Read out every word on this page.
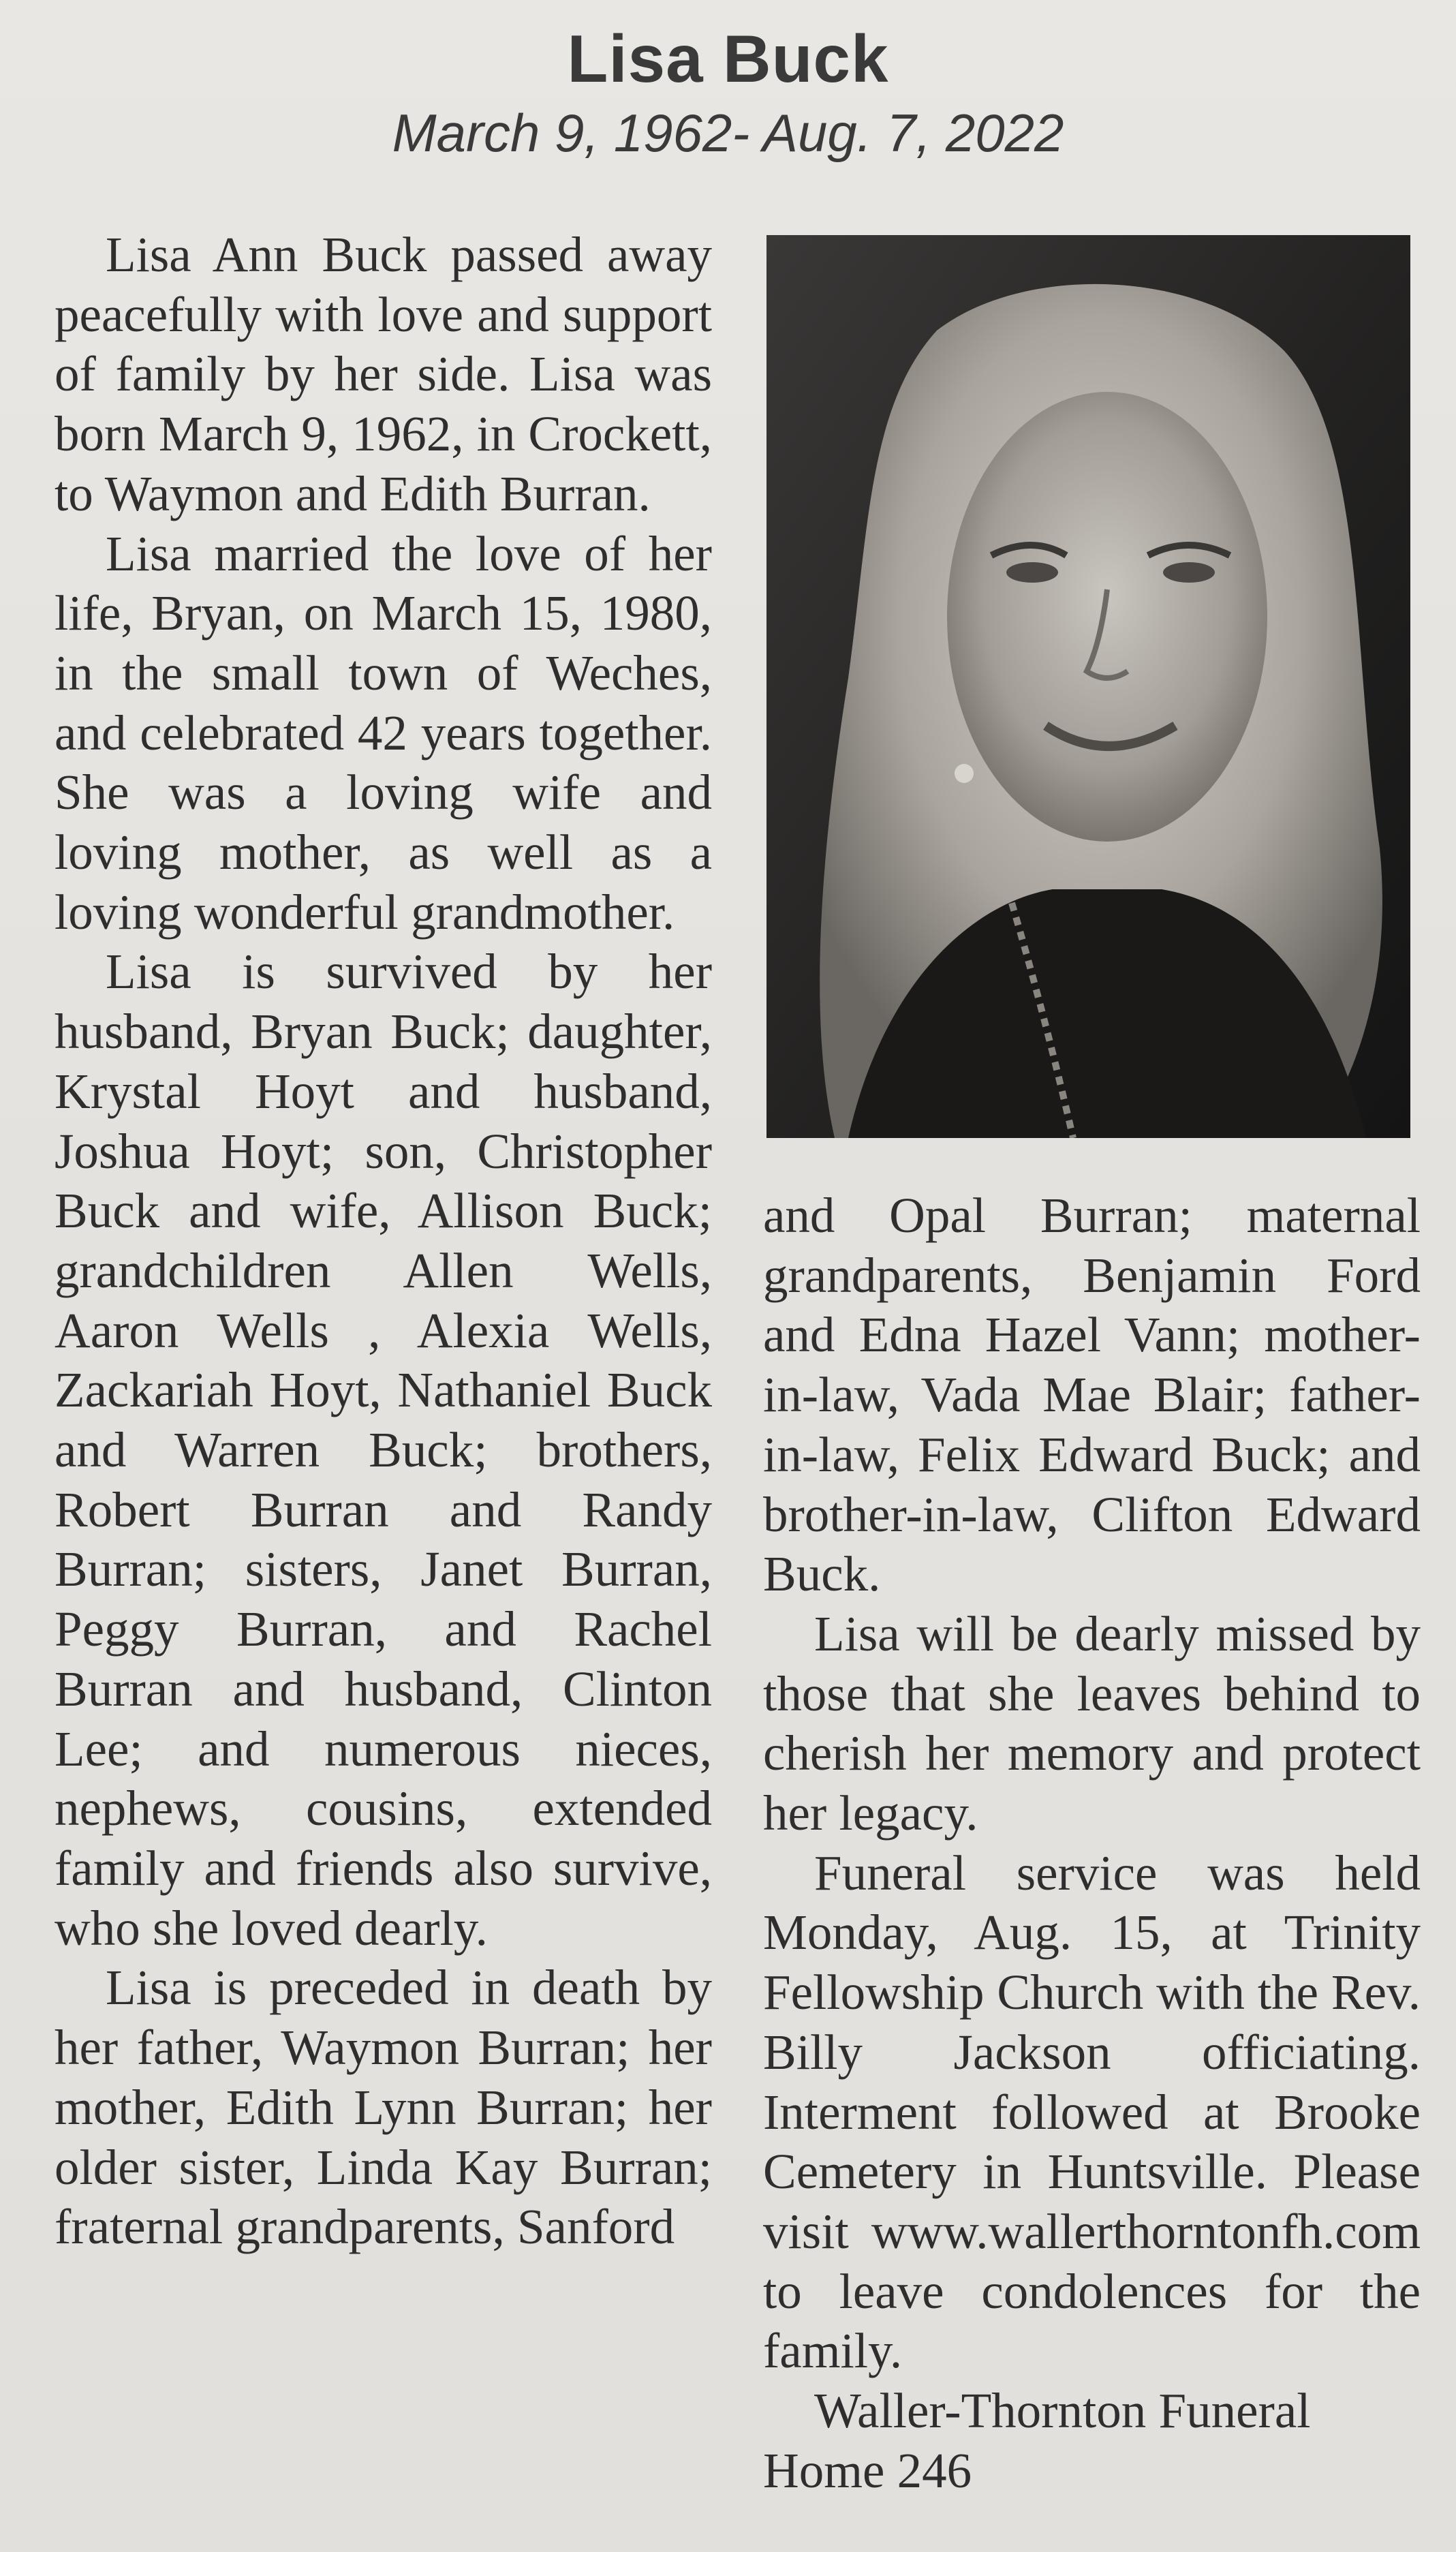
Lisa Buck
March 9, 1962- Aug. 7, 2022

Lisa Ann Buck passed away peacefully with love and support of family by her side. Lisa was born March 9, 1962, in Crockett, to Waymon and Edith Burran.

Lisa married the love of her life, Bryan, on March 15, 1980, in the small town of Weches, and celebrated 42 years together. She was a loving wife and loving mother, as well as a loving wonderful grandmother.

Lisa is survived by her husband, Bryan Buck; daughter, Krystal Hoyt and husband, Joshua Hoyt; son, Christopher Buck and wife, Allison Buck; grandchildren Allen Wells, Aaron Wells , Alexia Wells, Zackariah Hoyt, Nathaniel Buck and Warren Buck; brothers, Robert Burran and Randy Burran; sisters, Janet Burran, Peggy Burran, and Rachel Burran and husband, Clinton Lee; and numerous nieces, nephews, cousins, extended family and friends also survive, who she loved dearly.

Lisa is preceded in death by her father, Waymon Burran; her mother, Edith Lynn Burran; her older sister, Linda Kay Burran; fraternal grandparents, Sanford

and Opal Burran; maternal grandparents, Benjamin Ford and Edna Hazel Vann; mother-in-law, Vada Mae Blair; father-in-law, Felix Edward Buck; and brother-in-law, Clifton Edward Buck.

Lisa will be dearly missed by those that she leaves behind to cherish her memory and protect her legacy.

Funeral service was held Monday, Aug. 15, at Trinity Fellowship Church with the Rev. Billy Jackson officiating. Interment followed at Brooke Cemetery in Huntsville. Please visit www.wallerthorntonfh.com to leave condolences for the family.

Waller-Thornton Funeral Home 246
